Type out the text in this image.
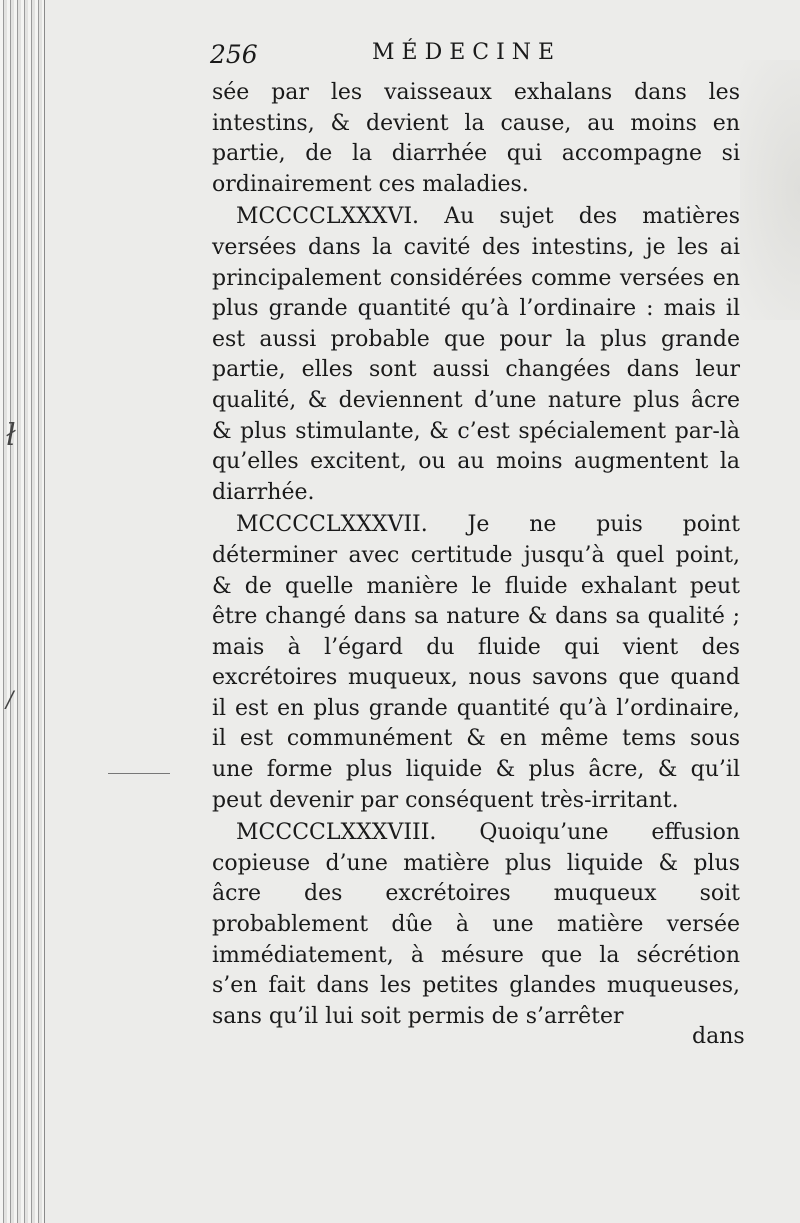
ł
/
256	MÉDECINE

sée par les vaisseaux exhalans dans les intestins, & devient la cause, au moins en partie, de la diarrhée qui accompagne si ordinairement ces maladies.

MCCCCLXXXVI. Au sujet des matières versées dans la cavité des intestins, je les ai principalement considérées comme versées en plus grande quantité qu’à l’ordinaire : mais il est aussi probable que pour la plus grande partie, elles sont aussi changées dans leur qualité, & deviennent d’une nature plus âcre & plus stimulante, & c’est spécialement par-là qu’elles excitent, ou au moins augmentent la diarrhée.

MCCCCLXXXVII. Je ne puis point déterminer avec certitude jusqu’à quel point, & de quelle manière le fluide exhalant peut être changé dans sa nature & dans sa qualité ; mais à l’égard du fluide qui vient des excrétoires muqueux, nous savons que quand il est en plus grande quantité qu’à l’ordinaire, il est communément & en même tems sous une forme plus liquide & plus âcre, & qu’il peut devenir par conséquent très-irritant.

MCCCCLXXXVIII. Quoiqu’une effusion copieuse d’une matière plus liquide & plus âcre des excrétoires muqueux soit probablement dûe à une matière versée immédiatement, à mésure que la sécrétion s’en fait dans les petites glandes muqueuses, sans qu’il lui soit permis de s’arrêter

dans
